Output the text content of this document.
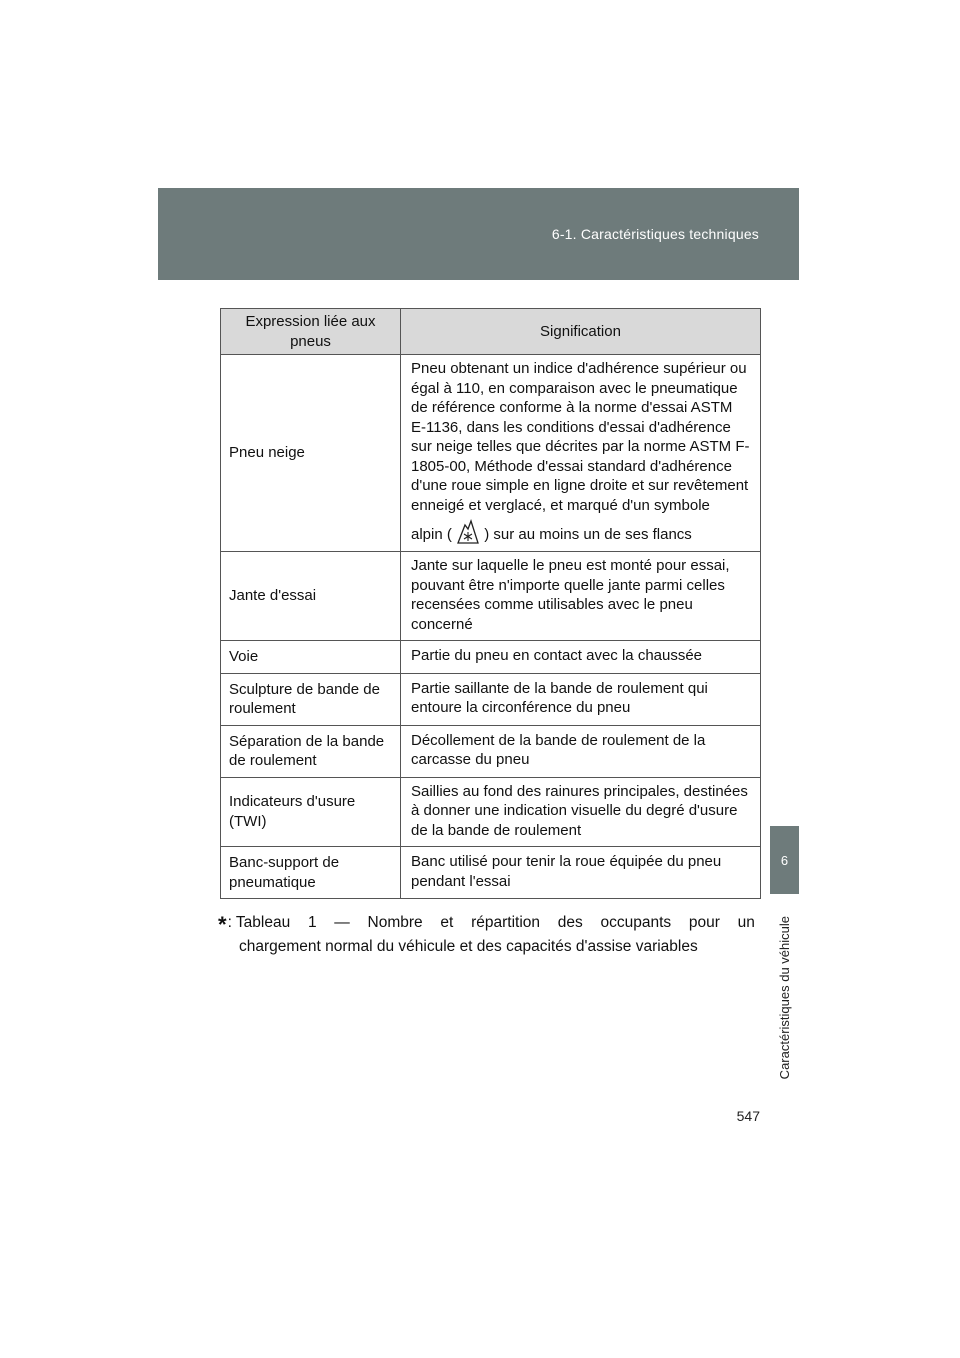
6-1. Caractéristiques techniques
6
Caractéristiques du véhicule
Expression liée aux pneus	Signification
Pneu neige	Pneu obtenant un indice d'adhérence supérieur ou égal à 110, en comparaison avec le pneumatique de référence conforme à la norme d'essai ASTM E-1136, dans les conditions d'essai d'adhérence sur neige telles que décrites par la norme ASTM F-1805-00, Méthode d'essai standard d'adhérence d'une roue simple en ligne droite et sur revêtement enneigé et verglacé, et marqué d'un symbole
alpin ( ) sur au moins un de ses flancs

Jante d'essai	Jante sur laquelle le pneu est monté pour essai, pouvant être n'importe quelle jante parmi celles recensées comme utilisables avec le pneu concerné
Voie	Partie du pneu en contact avec la chaussée
Sculpture de bande de roulement	Partie saillante de la bande de roulement qui entoure la circonférence du pneu
Séparation de la bande de roulement	Décollement de la bande de roulement de la carcasse du pneu
Indicateurs d'usure (TWI)	Saillies au fond des rainures principales, destinées à donner une indication visuelle du degré d'usure de la bande de roulement
Banc-support de pneumatique	Banc utilisé pour tenir la roue équipée du pneu pendant l'essai
*: Tableau 1 — Nombre et répartition des occupants pour un
chargement normal du véhicule et des capacités d'assise variables
547
